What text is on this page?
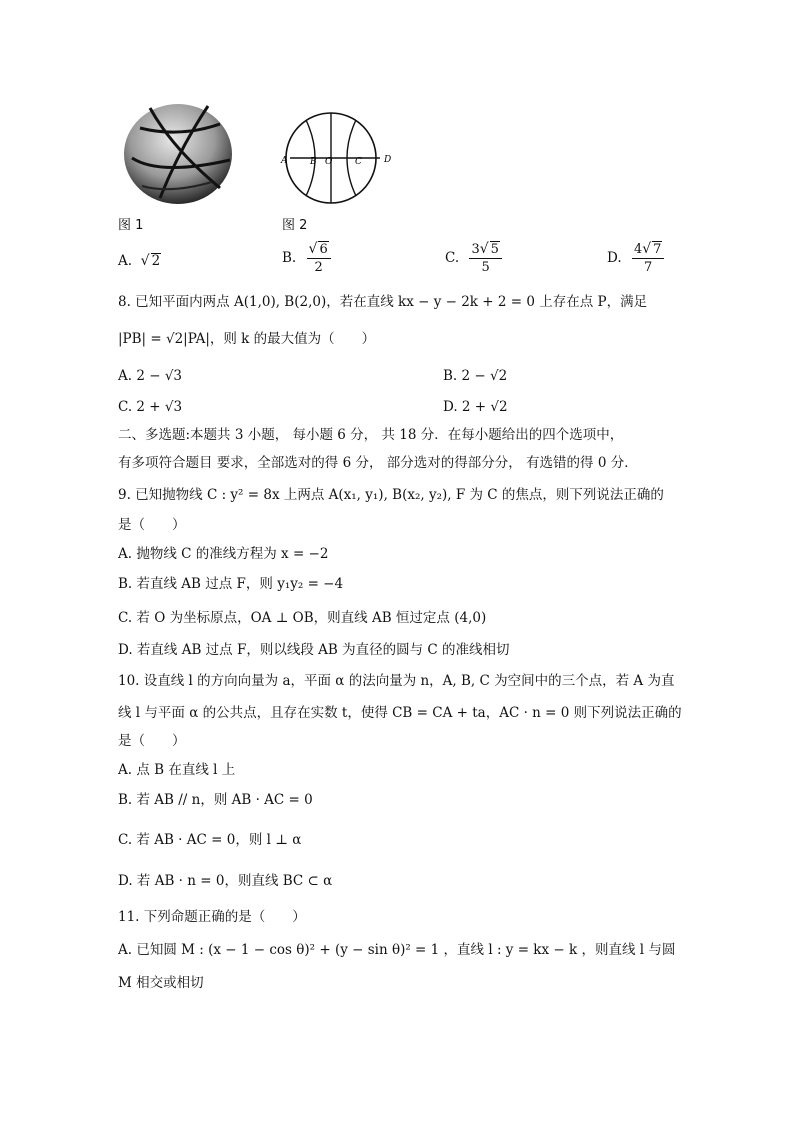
图 1
A	B O	C D
图 2
A. √ 2	B. $\frac{√ 6}{2}$	C. $\frac{3√ 5}{5}$	D. $\frac{4√ 7}{7}$
8. 已知平面内两点 A(1,0), B(2,0)，若在直线 kx − y − 2k + 2 = 0 上存在点 P，满足
|PB| = √2|PA|，则 k 的最大值为（　　）
A. 2 − √3	B. 2 − √2
C. 2 + √3	D. 2 + √2
二、多选题:本题共 3 小题， 每小题 6 分， 共 18 分．在每小题给出的四个选项中，
有多项符合题目 要求，全部选对的得 6 分， 部分选对的得部分分， 有选错的得 0 分．
9. 已知抛物线 C : y² = 8x 上两点 A(x₁, y₁), B(x₂, y₂), F 为 C 的焦点，则下列说法正确的
是（　　）
A. 抛物线 C 的准线方程为 x = −2
B. 若直线 AB 过点 F，则 y₁y₂ = −4
C. 若 O 为坐标原点，OA ⊥ OB，则直线 AB 恒过定点 (4,0)
D. 若直线 AB 过点 F，则以线段 AB 为直径的圆与 C 的准线相切
10. 设直线 l 的方向向量为 a，平面 α 的法向量为 n，A, B, C 为空间中的三个点，若 A 为直
线 l 与平面 α 的公共点，且存在实数 t，使得 CB = CA + ta，AC · n = 0 则下列说法正确的
是（　　）
A. 点 B 在直线 l 上
B. 若 AB // n，则 AB · AC = 0
C. 若 AB · AC = 0，则 l ⊥ α
D. 若 AB · n = 0，则直线 BC ⊂ α
11. 下列命题正确的是（　　）
A. 已知圆 M : (x − 1 − cos θ)² + (y − sin θ)² = 1 ，直线 l : y = kx − k ，则直线 l 与圆
M 相交或相切
